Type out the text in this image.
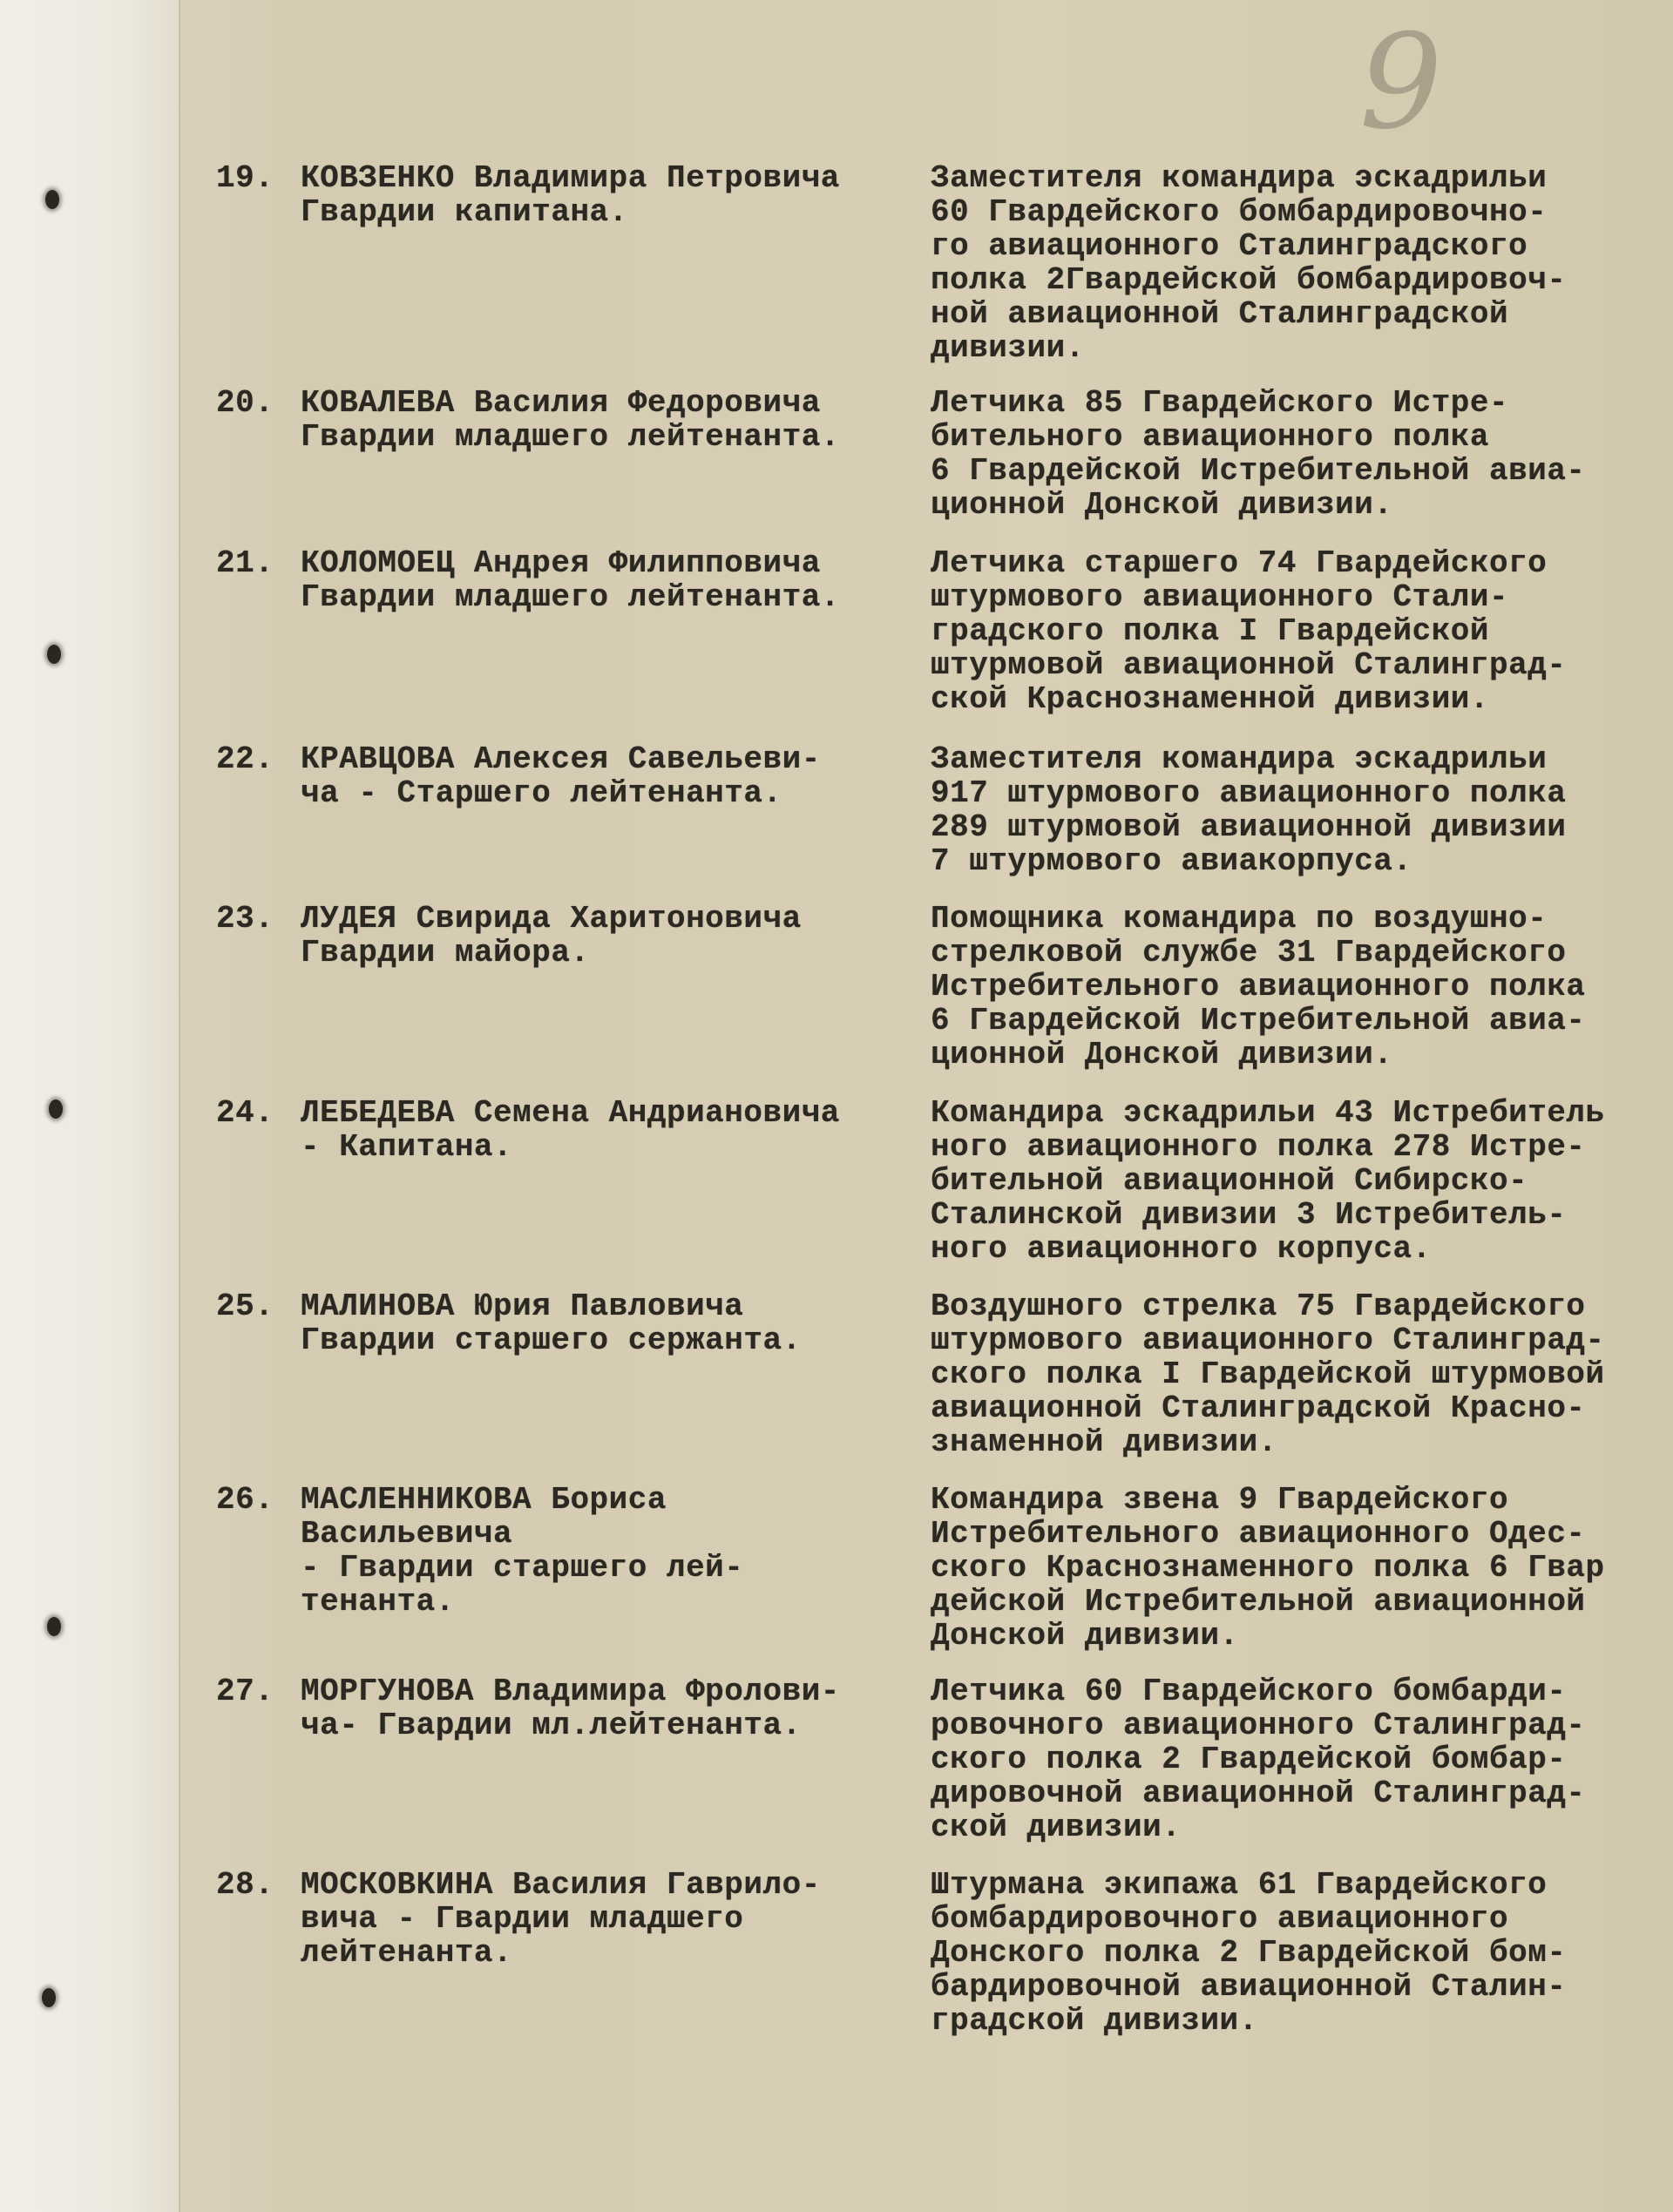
9
19. КОВЗЕНКО Владимира Петровича
Гвардии капитана.
Заместителя командира эскадрильи
60 Гвардейского бомбардировочно-
го авиационного Сталинградского
полка 2Гвардейской бомбардировоч-
ной авиационной Сталинградской
дивизии.
20. КОВАЛЕВА Василия Федоровича
Гвардии младшего лейтенанта.
Летчика 85 Гвардейского Истре-
бительного авиационного полка
6 Гвардейской Истребительной авиа-
ционной Донской дивизии.
21. КОЛОМОЕЦ Андрея Филипповича
Гвардии младшего лейтенанта.
Летчика старшего 74 Гвардейского
штурмового авиационного Стали-
градского полка I Гвардейской
штурмовой авиационной Сталинград-
ской Краснознаменной дивизии.
22. КРАВЦОВА Алексея Савельеви-
ча - Старшего лейтенанта.
Заместителя командира эскадрильи
917 штурмового авиационного полка
289 штурмовой авиационной дивизии
7 штурмового авиакорпуса.
23. ЛУДЕЯ Свирида Харитоновича
Гвардии майора.
Помощника командира по воздушно-
стрелковой службе 31 Гвардейского
Истребительного авиационного полка
6 Гвардейской Истребительной авиа-
ционной Донской дивизии.
24. ЛЕБЕДЕВА Семена Андриановича
- Капитана.
Командира эскадрильи 43 Истребитель
ного авиационного полка 278 Истре-
бительной авиационной Сибирско-
Сталинской дивизии 3 Истребитель-
ного авиационного корпуса.
25. МАЛИНОВА Юрия Павловича
Гвардии старшего сержанта.
Воздушного стрелка 75 Гвардейского
штурмового авиационного Сталинград-
ского полка I Гвардейской штурмовой
авиационной Сталинградской Красно-
знаменной дивизии.
26. МАСЛЕННИКОВА Бориса Васильевича
- Гвардии старшего лей-
тенанта.
Командира звена 9 Гвардейского
Истребительного авиационного Одес-
ского Краснознаменного полка 6 Гвар
дейской Истребительной авиационной
Донской дивизии.
27. МОРГУНОВА Владимира Фролови-
ча- Гвардии мл.лейтенанта.
Летчика 60 Гвардейского бомбарди-
ровочного авиационного Сталинград-
ского полка 2 Гвардейской бомбар-
дировочной авиационной Сталинград-
ской дивизии.
28. МОСКОВКИНА Василия Гаврило-
вича - Гвардии младшего
лейтенанта.
Штурмана экипажа 61 Гвардейского
бомбардировочного авиационного
Донского полка 2 Гвардейской бом-
бардировочной авиационной Сталин-
градской дивизии.
